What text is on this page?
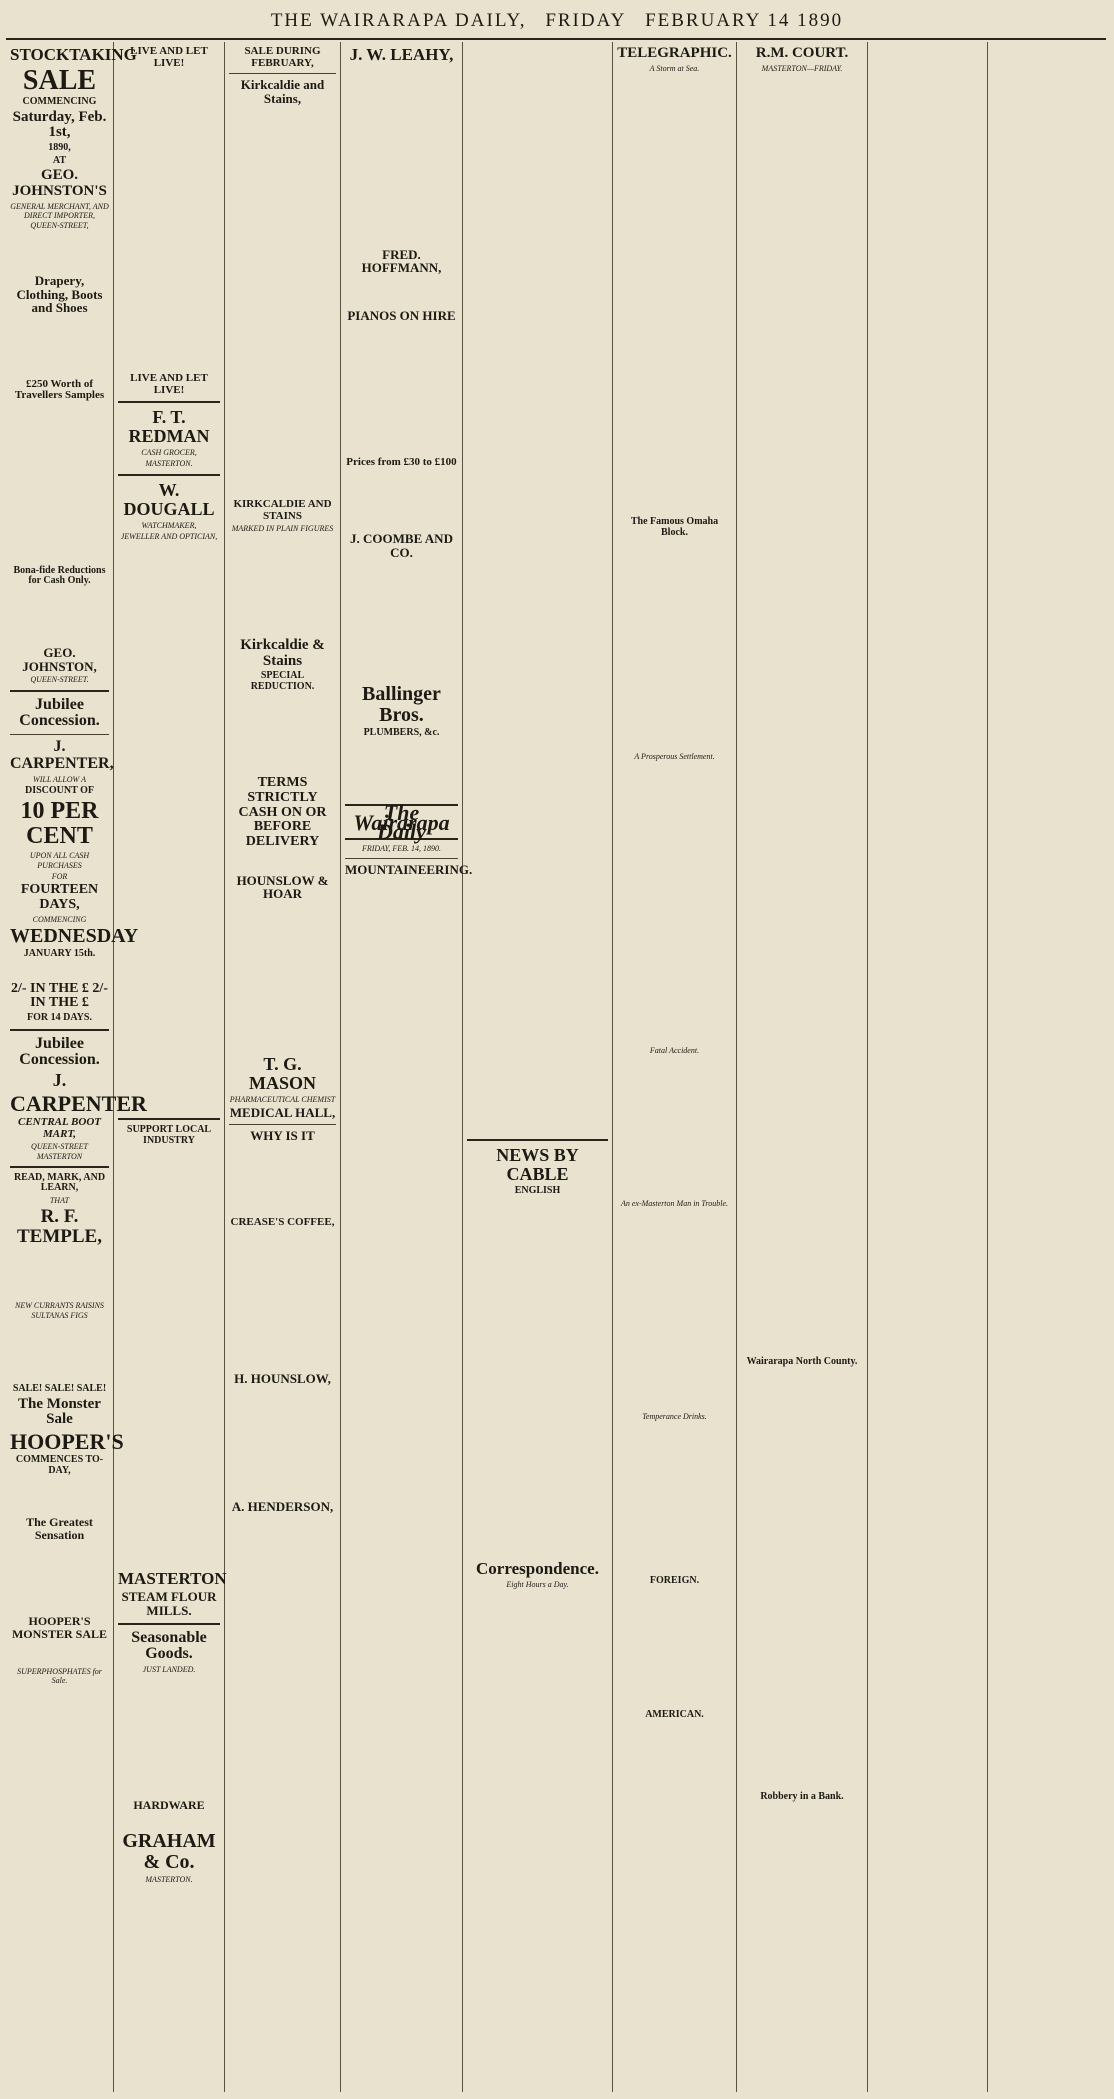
THE WAIRARAPA DAILY, FRIDAY FEBRUARY 14 1890
STOCKTAKING
SALE
COMMENCING
Saturday, Feb. 1st,
1890,
AT
GEO. JOHNSTON'S
GENERAL MERCHANT, AND DIRECT IMPORTER, QUEEN-STREET,
Drapery, Clothing, Boots and Shoes
£250 Worth of Travellers Samples
Bona-fide Reductions for Cash Only.
GEO. JOHNSTON,
QUEEN-STREET.
Jubilee Concession.
J. CARPENTER,
WILL ALLOW A
DISCOUNT OF
10 PER CENT
UPON ALL CASH PURCHASES
FOR
FOURTEEN DAYS,
COMMENCING
WEDNESDAY
JANUARY 15th.
2/- IN THE £ 2/- IN THE £
FOR 14 DAYS.
Jubilee Concession.
J.
CARPENTER
CENTRAL BOOT MART,
QUEEN-STREET MASTERTON
READ, MARK, AND LEARN,
THAT
R. F. TEMPLE,
NEW CURRANTS RAISINS SULTANAS FIGS
SALE! SALE! SALE!
The Monster Sale
HOOPER'S
COMMENCES TO-DAY,
The Greatest Sensation
HOOPER'S MONSTER SALE
SUPERPHOSPHATES for Sale.
LIVE AND LET LIVE!
LIVE AND LET LIVE!
F. T. REDMAN
CASH GROCER,
MASTERTON.
W. DOUGALL
WATCHMAKER,
JEWELLER AND OPTICIAN,
SUPPORT LOCAL INDUSTRY
MASTERTON
STEAM FLOUR MILLS.
Seasonable Goods.
JUST LANDED.
HARDWARE
GRAHAM & Co.
MASTERTON.
SALE DURING FEBRUARY,
Kirkcaldie and Stains,
KIRKCALDIE AND STAINS
MARKED IN PLAIN FIGURES
Kirkcaldie & Stains
SPECIAL REDUCTION.
TERMS STRICTLY CASH ON OR BEFORE DELIVERY
HOUNSLOW & HOAR
T. G. MASON
PHARMACEUTICAL CHEMIST
MEDICAL HALL,
WHY IS IT
CREASE'S COFFEE,
H. HOUNSLOW,
A. HENDERSON,
J. W. LEAHY,
FRED. HOFFMANN,
PIANOS ON HIRE
Prices from £30 to £100
J. COOMBE AND CO.
Ballinger Bros.
PLUMBERS, &c.
The Wairarapa Daily
FRIDAY, FEB. 14, 1890.
MOUNTAINEERING.
NEWS BY CABLE
ENGLISH
Correspondence.
Eight Hours a Day.
TELEGRAPHIC.
A Storm at Sea.
The Famous Omaha Block.
A Prosperous Settlement.
Fatal Accident.
An ex-Masterton Man in Trouble.
Temperance Drinks.
FOREIGN.
AMERICAN.
R.M. COURT.
MASTERTON—FRIDAY.
Wairarapa North County.
Robbery in a Bank.
